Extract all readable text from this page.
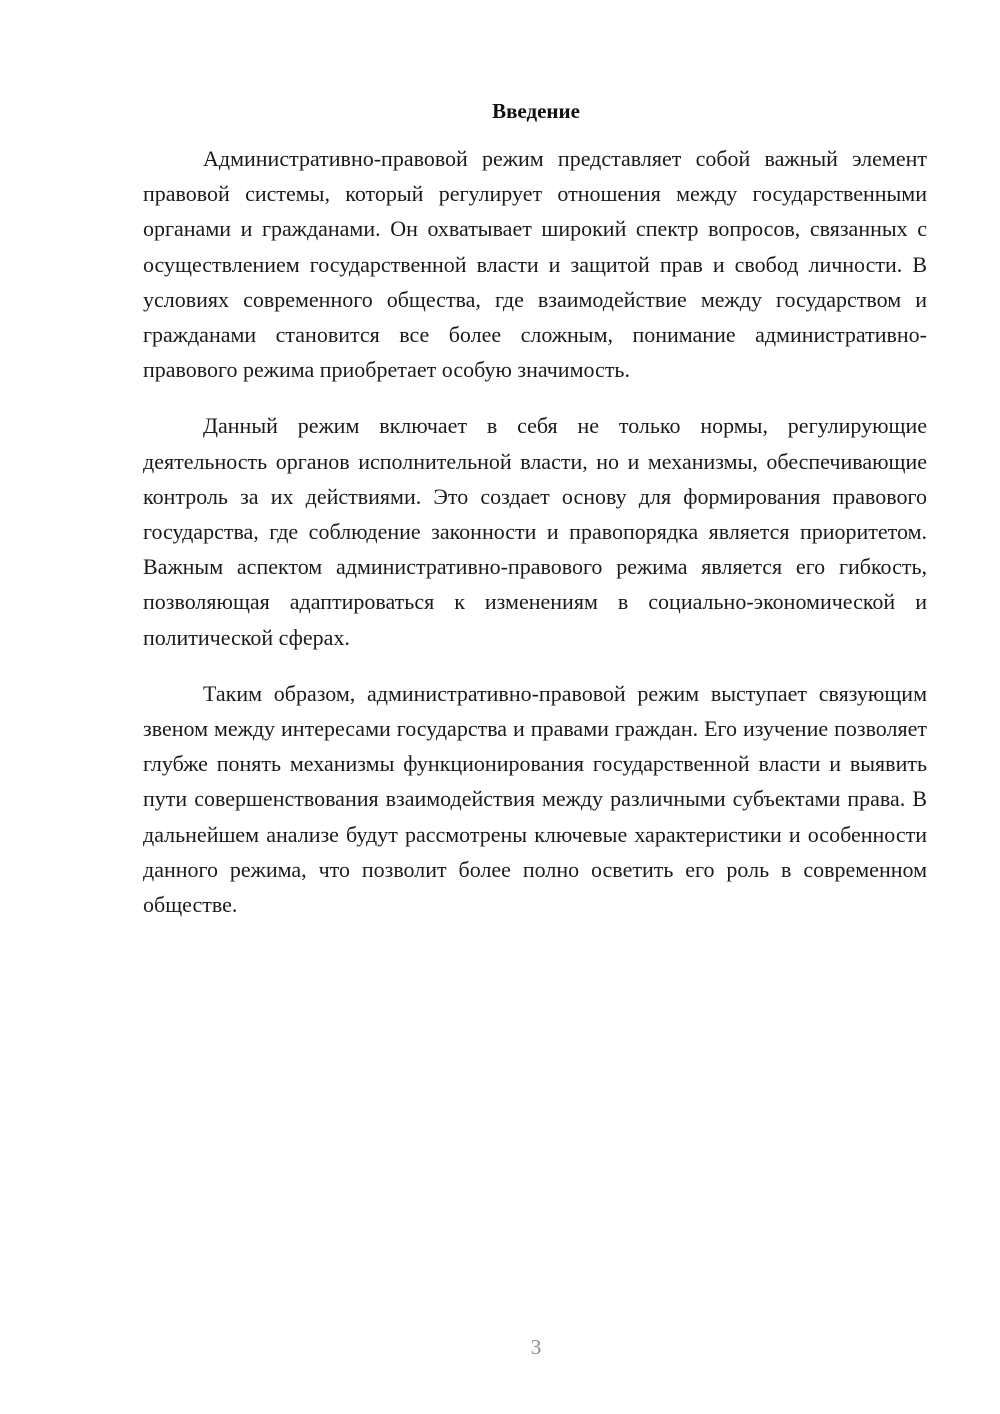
Введение

Административно-правовой режим представляет собой важный элемент правовой системы, который регулирует отношения между государственными органами и гражданами. Он охватывает широкий спектр вопросов, связанных с осуществлением государственной власти и защитой прав и свобод личности. В условиях современного общества, где взаимодействие между государством и гражданами становится все более сложным, понимание административно-правового режима приобретает особую значимость.

Данный режим включает в себя не только нормы, регулирующие деятельность органов исполнительной власти, но и механизмы, обеспечивающие контроль за их действиями. Это создает основу для формирования правового государства, где соблюдение законности и правопорядка является приоритетом. Важным аспектом административно-правового режима является его гибкость, позволяющая адаптироваться к изменениям в социально-экономической и политической сферах.

Таким образом, административно-правовой режим выступает связующим звеном между интересами государства и правами граждан. Его изучение позволяет глубже понять механизмы функционирования государственной власти и выявить пути совершенствования взаимодействия между различными субъектами права. В дальнейшем анализе будут рассмотрены ключевые характеристики и особенности данного режима, что позволит более полно осветить его роль в современном обществе.

3
